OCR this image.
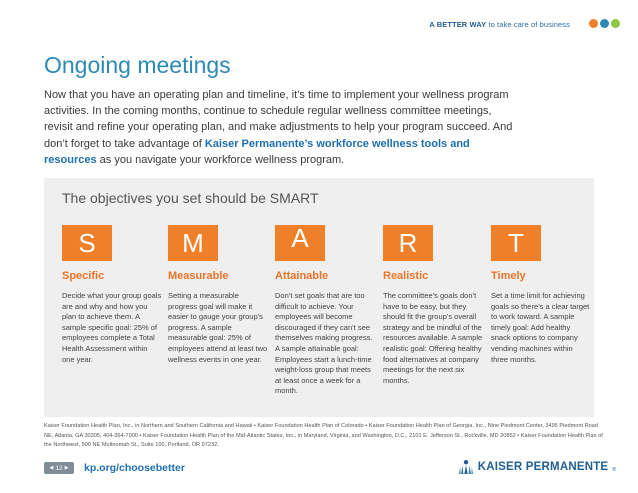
A BETTER WAY to take care of business
Ongoing meetings

Now that you have an operating plan and timeline, it’s time to implement your wellness program activities. In the coming months, continue to schedule regular wellness committee meetings, revisit and refine your operating plan, and make adjustments to help your program succeed. And don’t forget to take advantage of Kaiser Permanente’s workforce wellness tools and resources as you navigate your workforce wellness program.

The objectives you set should be SMART
S
Specific
Decide what your group goals are and why and how you plan to achieve them. A sample specific goal: 25% of employees complete a Total Health Assessment within one year.
M
Measurable
Setting a measurable progress goal will make it easier to gauge your group’s progress. A sample measurable goal: 25% of employees attend at least two wellness events in one year.
A
Attainable
Don’t set goals that are too difficult to achieve. Your employees will become discouraged if they can’t see themselves making progress. A sample attainable goal: Employees start a lunch-time weight-loss group that meets at least once a week for a month.
R
Realistic
The committee’s goals don’t have to be easy, but they should fit the group’s overall strategy and be mindful of the resources available. A sample realistic goal: Offering healthy food alternatives at company meetings for the next six months.
T
Timely
Set a time limit for achieving goals so there’s a clear target to work toward. A sample timely goal: Add healthy snack options to company vending machines within three months.

Kaiser Foundation Health Plan, Inc., in Northern and Southern California and Hawaii • Kaiser Foundation Health Plan of Colorado • Kaiser Foundation Health Plan of Georgia, Inc., Nine Piedmont Center, 3495 Piedmont Road NE, Atlanta, GA 30305, 404-364-7000 • Kaiser Foundation Health Plan of the Mid-Atlantic States, Inc., in Maryland, Virginia, and Washington, D.C., 2101 E. Jefferson St., Rockville, MD 20852 • Kaiser Foundation Health Plan of the Northwest, 500 NE Multnomah St., Suite 100, Portland, OR 97232.

◀ 12 ▶ kp.org/choosebetter	KAISER PERMANENTE ®
